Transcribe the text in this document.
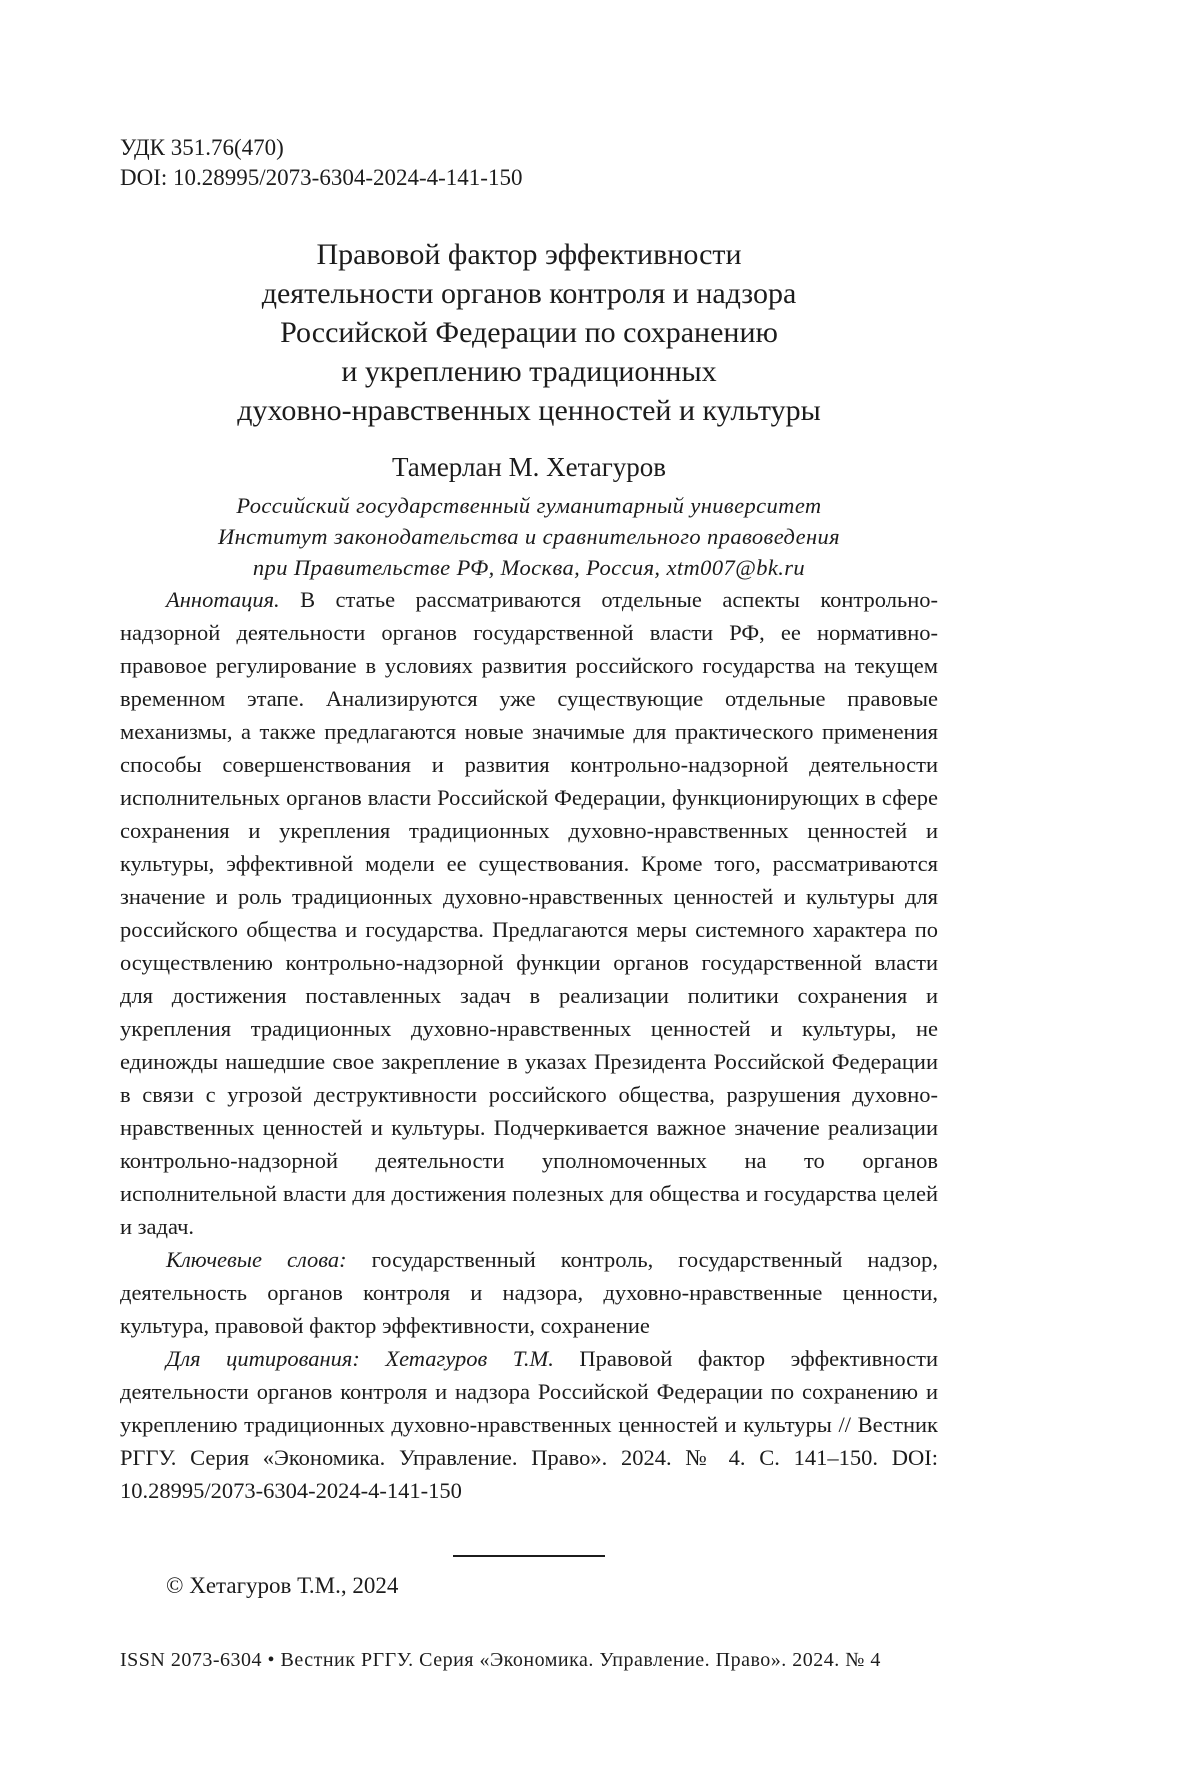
УДК 351.76(470)
DOI: 10.28995/2073-6304-2024-4-141-150
Правовой фактор эффективности
деятельности органов контроля и надзора
Российской Федерации по сохранению
и укреплению традиционных
духовно-нравственных ценностей и культуры
Тамерлан М. Хетагуров
Российский государственный гуманитарный университет
Институт законодательства и сравнительного правоведения
при Правительстве РФ, Москва, Россия, xtm007@bk.ru

Аннотация. В статье рассматриваются отдельные аспекты контрольно-надзорной деятельности органов государственной власти РФ, ее нормативно-правовое регулирование в условиях развития российского государства на текущем временном этапе. Анализируются уже существующие отдельные правовые механизмы, а также предлагаются новые значимые для практического применения способы совершенствования и развития контрольно-надзорной деятельности исполнительных органов власти Российской Федерации, функционирующих в сфере сохранения и укрепления традиционных духовно-нравственных ценностей и культуры, эффективной модели ее существования. Кроме того, рассматриваются значение и роль традиционных духовно-нравственных ценностей и культуры для российского общества и государства. Предлагаются меры системного характера по осуществлению контрольно-надзорной функции органов государственной власти для достижения поставленных задач в реализации политики сохранения и укрепления традиционных духовно-нравственных ценностей и культуры, не единожды нашедшие свое закрепление в указах Президента Российской Федерации в связи с угрозой деструктивности российского общества, разрушения духовно-нравственных ценностей и культуры. Подчеркивается важное значение реализации контрольно-надзорной деятельности уполномоченных на то органов исполнительной власти для достижения полезных для общества и государства целей и задач.

Ключевые слова: государственный контроль, государственный надзор, деятельность органов контроля и надзора, духовно-нравственные ценности, культура, правовой фактор эффективности, сохранение

Для цитирования: Хетагуров Т.М. Правовой фактор эффективности деятельности органов контроля и надзора Российской Федерации по сохранению и укреплению традиционных духовно-нравственных ценностей и культуры // Вестник РГГУ. Серия «Экономика. Управление. Право». 2024. № 4. С. 141–150. DOI: 10.28995/2073-6304-2024-4-141-150

© Хетагуров Т.М., 2024
ISSN 2073-6304 • Вестник РГГУ. Серия «Экономика. Управление. Право». 2024. № 4
